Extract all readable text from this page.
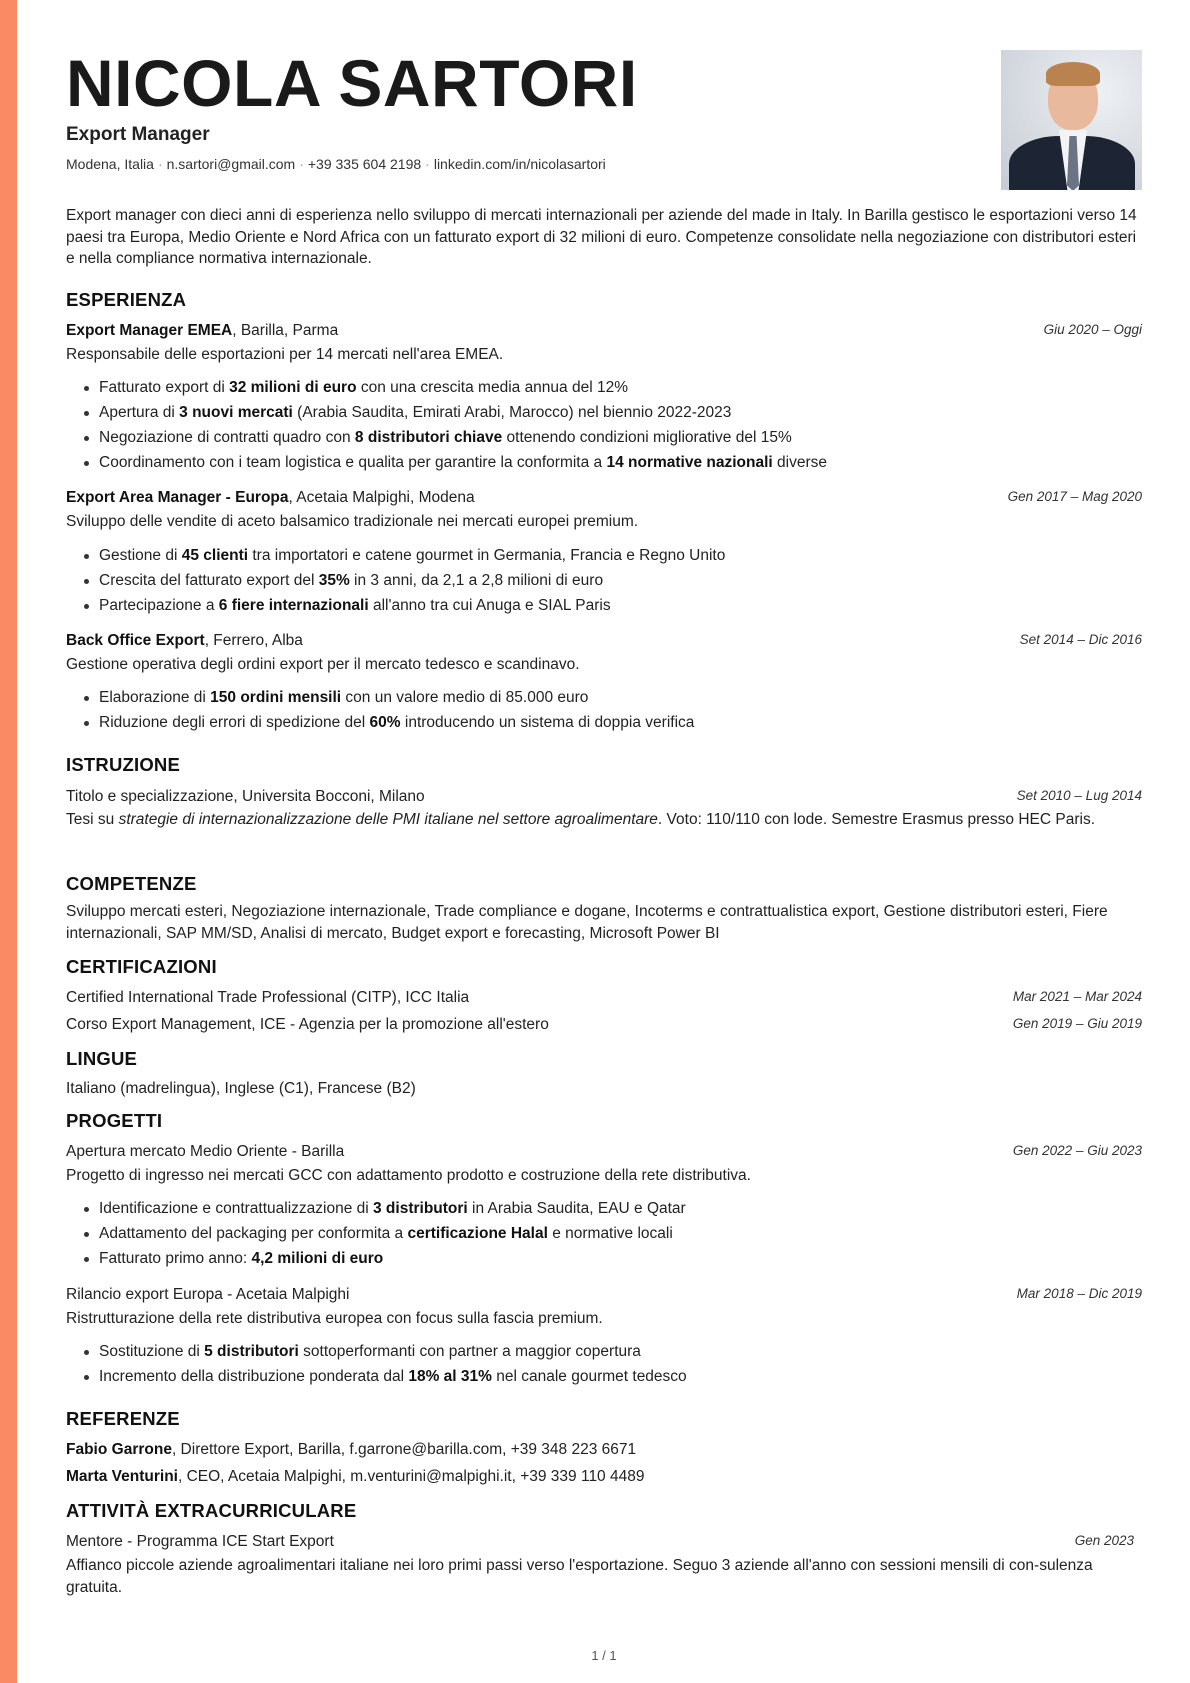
NICOLA SARTORI
Export Manager
Modena, Italia · n.sartori@gmail.com · +39 335 604 2198 · linkedin.com/in/nicolasartori
Export manager con dieci anni di esperienza nello sviluppo di mercati internazionali per aziende del made in Italy. In Barilla gestisco le esportazioni verso 14 paesi tra Europa, Medio Oriente e Nord Africa con un fatturato export di 32 milioni di euro. Competenze consolidate nella negoziazione con distributori esteri e nella compliance normativa internazionale.
ESPERIENZA
Export Manager EMEA, Barilla, Parma	Giu 2020 – Oggi
Responsabile delle esportazioni per 14 mercati nell'area EMEA.
Fatturato export di 32 milioni di euro con una crescita media annua del 12%
Apertura di 3 nuovi mercati (Arabia Saudita, Emirati Arabi, Marocco) nel biennio 2022-2023
Negoziazione di contratti quadro con 8 distributori chiave ottenendo condizioni migliorative del 15%
Coordinamento con i team logistica e qualita per garantire la conformita a 14 normative nazionali diverse
Export Area Manager - Europa, Acetaia Malpighi, Modena	Gen 2017 – Mag 2020
Sviluppo delle vendite di aceto balsamico tradizionale nei mercati europei premium.
Gestione di 45 clienti tra importatori e catene gourmet in Germania, Francia e Regno Unito
Crescita del fatturato export del 35% in 3 anni, da 2,1 a 2,8 milioni di euro
Partecipazione a 6 fiere internazionali all'anno tra cui Anuga e SIAL Paris
Back Office Export, Ferrero, Alba	Set 2014 – Dic 2016
Gestione operativa degli ordini export per il mercato tedesco e scandinavo.
Elaborazione di 150 ordini mensili con un valore medio di 85.000 euro
Riduzione degli errori di spedizione del 60% introducendo un sistema di doppia verifica
ISTRUZIONE
Titolo e specializzazione, Universita Bocconi, Milano	Set 2010 – Lug 2014
Tesi su strategie di internazionalizzazione delle PMI italiane nel settore agroalimentare. Voto: 110/110 con lode. Semestre Erasmus presso HEC Paris.
COMPETENZE
Sviluppo mercati esteri, Negoziazione internazionale, Trade compliance e dogane, Incoterms e contrattualistica export, Gestione distributori esteri, Fiere internazionali, SAP MM/SD, Analisi di mercato, Budget export e forecasting, Microsoft Power BI
CERTIFICAZIONI
Certified International Trade Professional (CITP), ICC Italia	Mar 2021 – Mar 2024
Corso Export Management, ICE - Agenzia per la promozione all'estero	Gen 2019 – Giu 2019
LINGUE
Italiano (madrelingua), Inglese (C1), Francese (B2)
PROGETTI
Apertura mercato Medio Oriente - Barilla	Gen 2022 – Giu 2023
Progetto di ingresso nei mercati GCC con adattamento prodotto e costruzione della rete distributiva.
Identificazione e contrattualizzazione di 3 distributori in Arabia Saudita, EAU e Qatar
Adattamento del packaging per conformita a certificazione Halal e normative locali
Fatturato primo anno: 4,2 milioni di euro
Rilancio export Europa - Acetaia Malpighi	Mar 2018 – Dic 2019
Ristrutturazione della rete distributiva europea con focus sulla fascia premium.
Sostituzione di 5 distributori sottoperformanti con partner a maggior copertura
Incremento della distribuzione ponderata dal 18% al 31% nel canale gourmet tedesco
REFERENZE
Fabio Garrone, Direttore Export, Barilla, f.garrone@barilla.com, +39 348 223 6671
Marta Venturini, CEO, Acetaia Malpighi, m.venturini@malpighi.it, +39 339 110 4489
ATTIVITÀ EXTRACURRICULARE
Mentore - Programma ICE Start Export	Gen 2023
Affianco piccole aziende agroalimentari italiane nei loro primi passi verso l'esportazione. Seguo 3 aziende all'anno con sessioni mensili di con-sulenza gratuita.
1 / 1
